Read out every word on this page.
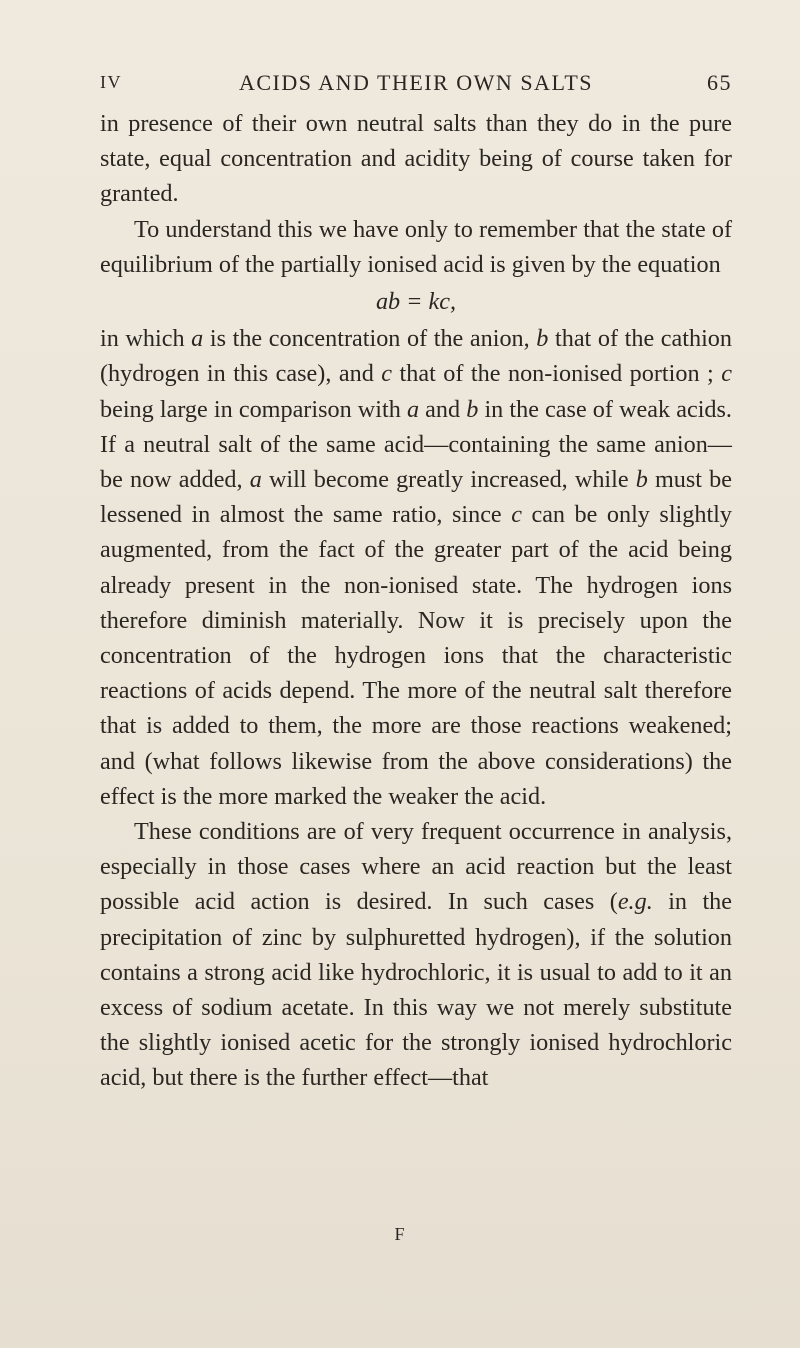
IV	ACIDS AND THEIR OWN SALTS	65

in presence of their own neutral salts than they do in the pure state, equal concentration and acidity being of course taken for granted.

To understand this we have only to remember that the state of equilibrium of the partially ionised acid is given by the equation

ab = kc,

in which a is the concentration of the anion, b that of the cathion (hydrogen in this case), and c that of the non-ionised portion ; c being large in comparison with a and b in the case of weak acids. If a neutral salt of the same acid—containing the same anion—be now added, a will become greatly increased, while b must be lessened in almost the same ratio, since c can be only slightly augmented, from the fact of the greater part of the acid being already present in the non-ionised state. The hydrogen ions therefore diminish materially. Now it is precisely upon the concentration of the hydrogen ions that the characteristic reactions of acids depend. The more of the neutral salt therefore that is added to them, the more are those reactions weakened; and (what follows likewise from the above considerations) the effect is the more marked the weaker the acid.

These conditions are of very frequent occurrence in analysis, especially in those cases where an acid reaction but the least possible acid action is desired. In such cases (e.g. in the precipitation of zinc by sulphuretted hydrogen), if the solution contains a strong acid like hydrochloric, it is usual to add to it an excess of sodium acetate. In this way we not merely substitute the slightly ionised acetic for the strongly ionised hydrochloric acid, but there is the further effect—that

F
